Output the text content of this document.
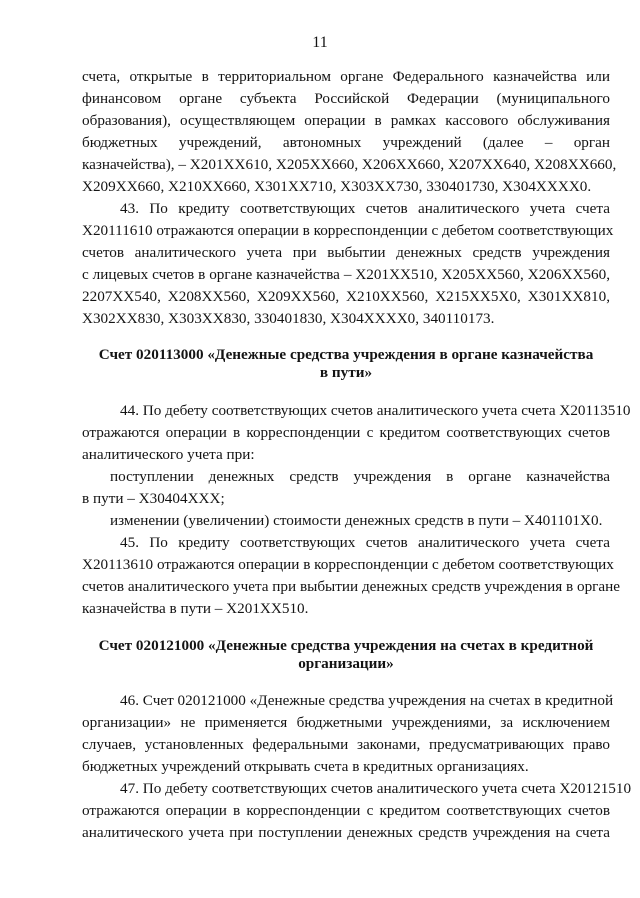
11
счета, открытые в территориальном органе Федерального казначейства или
финансовом органе субъекта Российской Федерации (муниципального
образования), осуществляющем операции в рамках кассового обслуживания
бюджетных учреждений, автономных учреждений (далее – орган
казначейства), – X201XX610, X205XX660, X206XX660, X207XX640, X208XX660,
X209XX660, X210XX660, X301XX710, X303XX730, 330401730, X304XXXX0.
43. По кредиту соответствующих счетов аналитического учета счета
X20111610 отражаются операции в корреспонденции с дебетом соответствующих
счетов аналитического учета при выбытии денежных средств учреждения
с лицевых счетов в органе казначейства – X201XX510, X205XX560, X206XX560,
2207XX540, X208XX560, X209XX560, X210XX560, X215XX5X0, X301XX810,
X302XX830, X303XX830, 330401830, X304XXXX0, 340110173.
Счет 020113000 «Денежные средства учреждения в органе казначейства
в пути»
44. По дебету соответствующих счетов аналитического учета счета X20113510
отражаются операции в корреспонденции с кредитом соответствующих счетов
аналитического учета при:
поступлении денежных средств учреждения в органе казначейства
в пути – X30404XXX;
изменении (увеличении) стоимости денежных средств в пути – X401101X0.
45. По кредиту соответствующих счетов аналитического учета счета
X20113610 отражаются операции в корреспонденции с дебетом соответствующих
счетов аналитического учета при выбытии денежных средств учреждения в органе
казначейства в пути – X201XX510.
Счет 020121000 «Денежные средства учреждения на счетах в кредитной
организации»
46. Счет 020121000 «Денежные средства учреждения на счетах в кредитной
организации» не применяется бюджетными учреждениями, за исключением
случаев, установленных федеральными законами, предусматривающих право
бюджетных учреждений открывать счета в кредитных организациях.
47. По дебету соответствующих счетов аналитического учета счета X20121510
отражаются операции в корреспонденции с кредитом соответствующих счетов
аналитического учета при поступлении денежных средств учреждения на счета
